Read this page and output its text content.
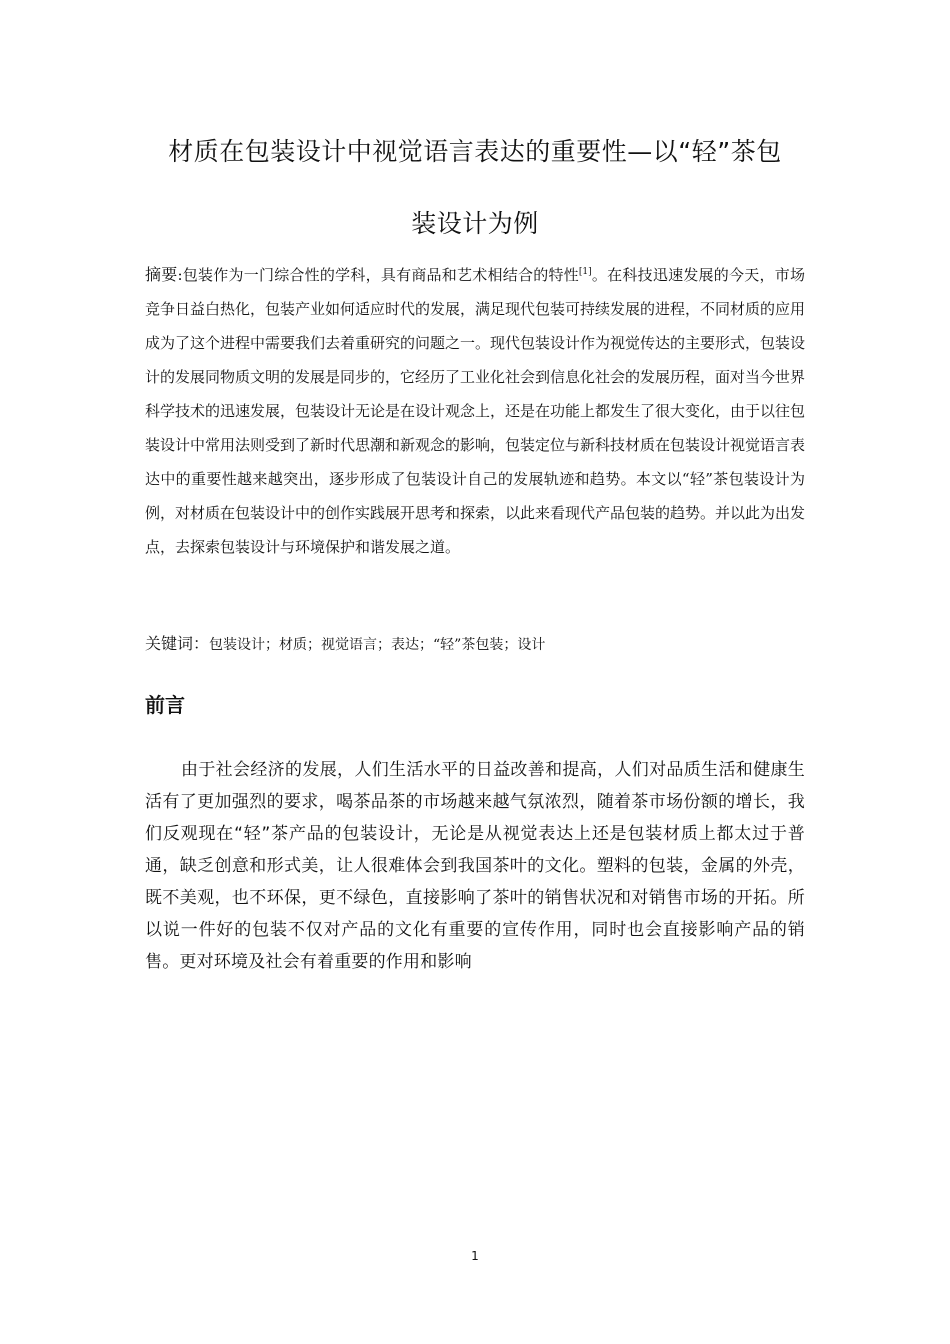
材质在包装设计中视觉语言表达的重要性—以“轻”茶包
装设计为例

摘要:包装作为一门综合性的学科，具有商品和艺术相结合的特性[1]。在科技迅速发展的今天，市场竞争日益白热化，包装产业如何适应时代的发展，满足现代包装可持续发展的进程，不同材质的应用成为了这个进程中需要我们去着重研究的问题之一。现代包装设计作为视觉传达的主要形式，包装设计的发展同物质文明的发展是同步的，它经历了工业化社会到信息化社会的发展历程，面对当今世界科学技术的迅速发展，包装设计无论是在设计观念上，还是在功能上都发生了很大变化，由于以往包装设计中常用法则受到了新时代思潮和新观念的影响，包装定位与新科技材质在包装设计视觉语言表达中的重要性越来越突出，逐步形成了包装设计自己的发展轨迹和趋势。本文以“轻”茶包装设计为例，对材质在包装设计中的创作实践展开思考和探索，以此来看现代产品包装的趋势。并以此为出发点，去探索包装设计与环境保护和谐发展之道。

关键词：包装设计；材质；视觉语言；表达；“轻”茶包装；设计

前言

由于社会经济的发展，人们生活水平的日益改善和提高，人们对品质生活和健康生活有了更加强烈的要求，喝茶品茶的市场越来越气氛浓烈，随着茶市场份额的增长，我们反观现在“轻”茶产品的包装设计，无论是从视觉表达上还是包装材质上都太过于普通，缺乏创意和形式美，让人很难体会到我国茶叶的文化。塑料的包装，金属的外壳，既不美观，也不环保，更不绿色，直接影响了茶叶的销售状况和对销售市场的开拓。所以说一件好的包装不仅对产品的文化有重要的宣传作用，同时也会直接影响产品的销售。更对环境及社会有着重要的作用和影响

1
